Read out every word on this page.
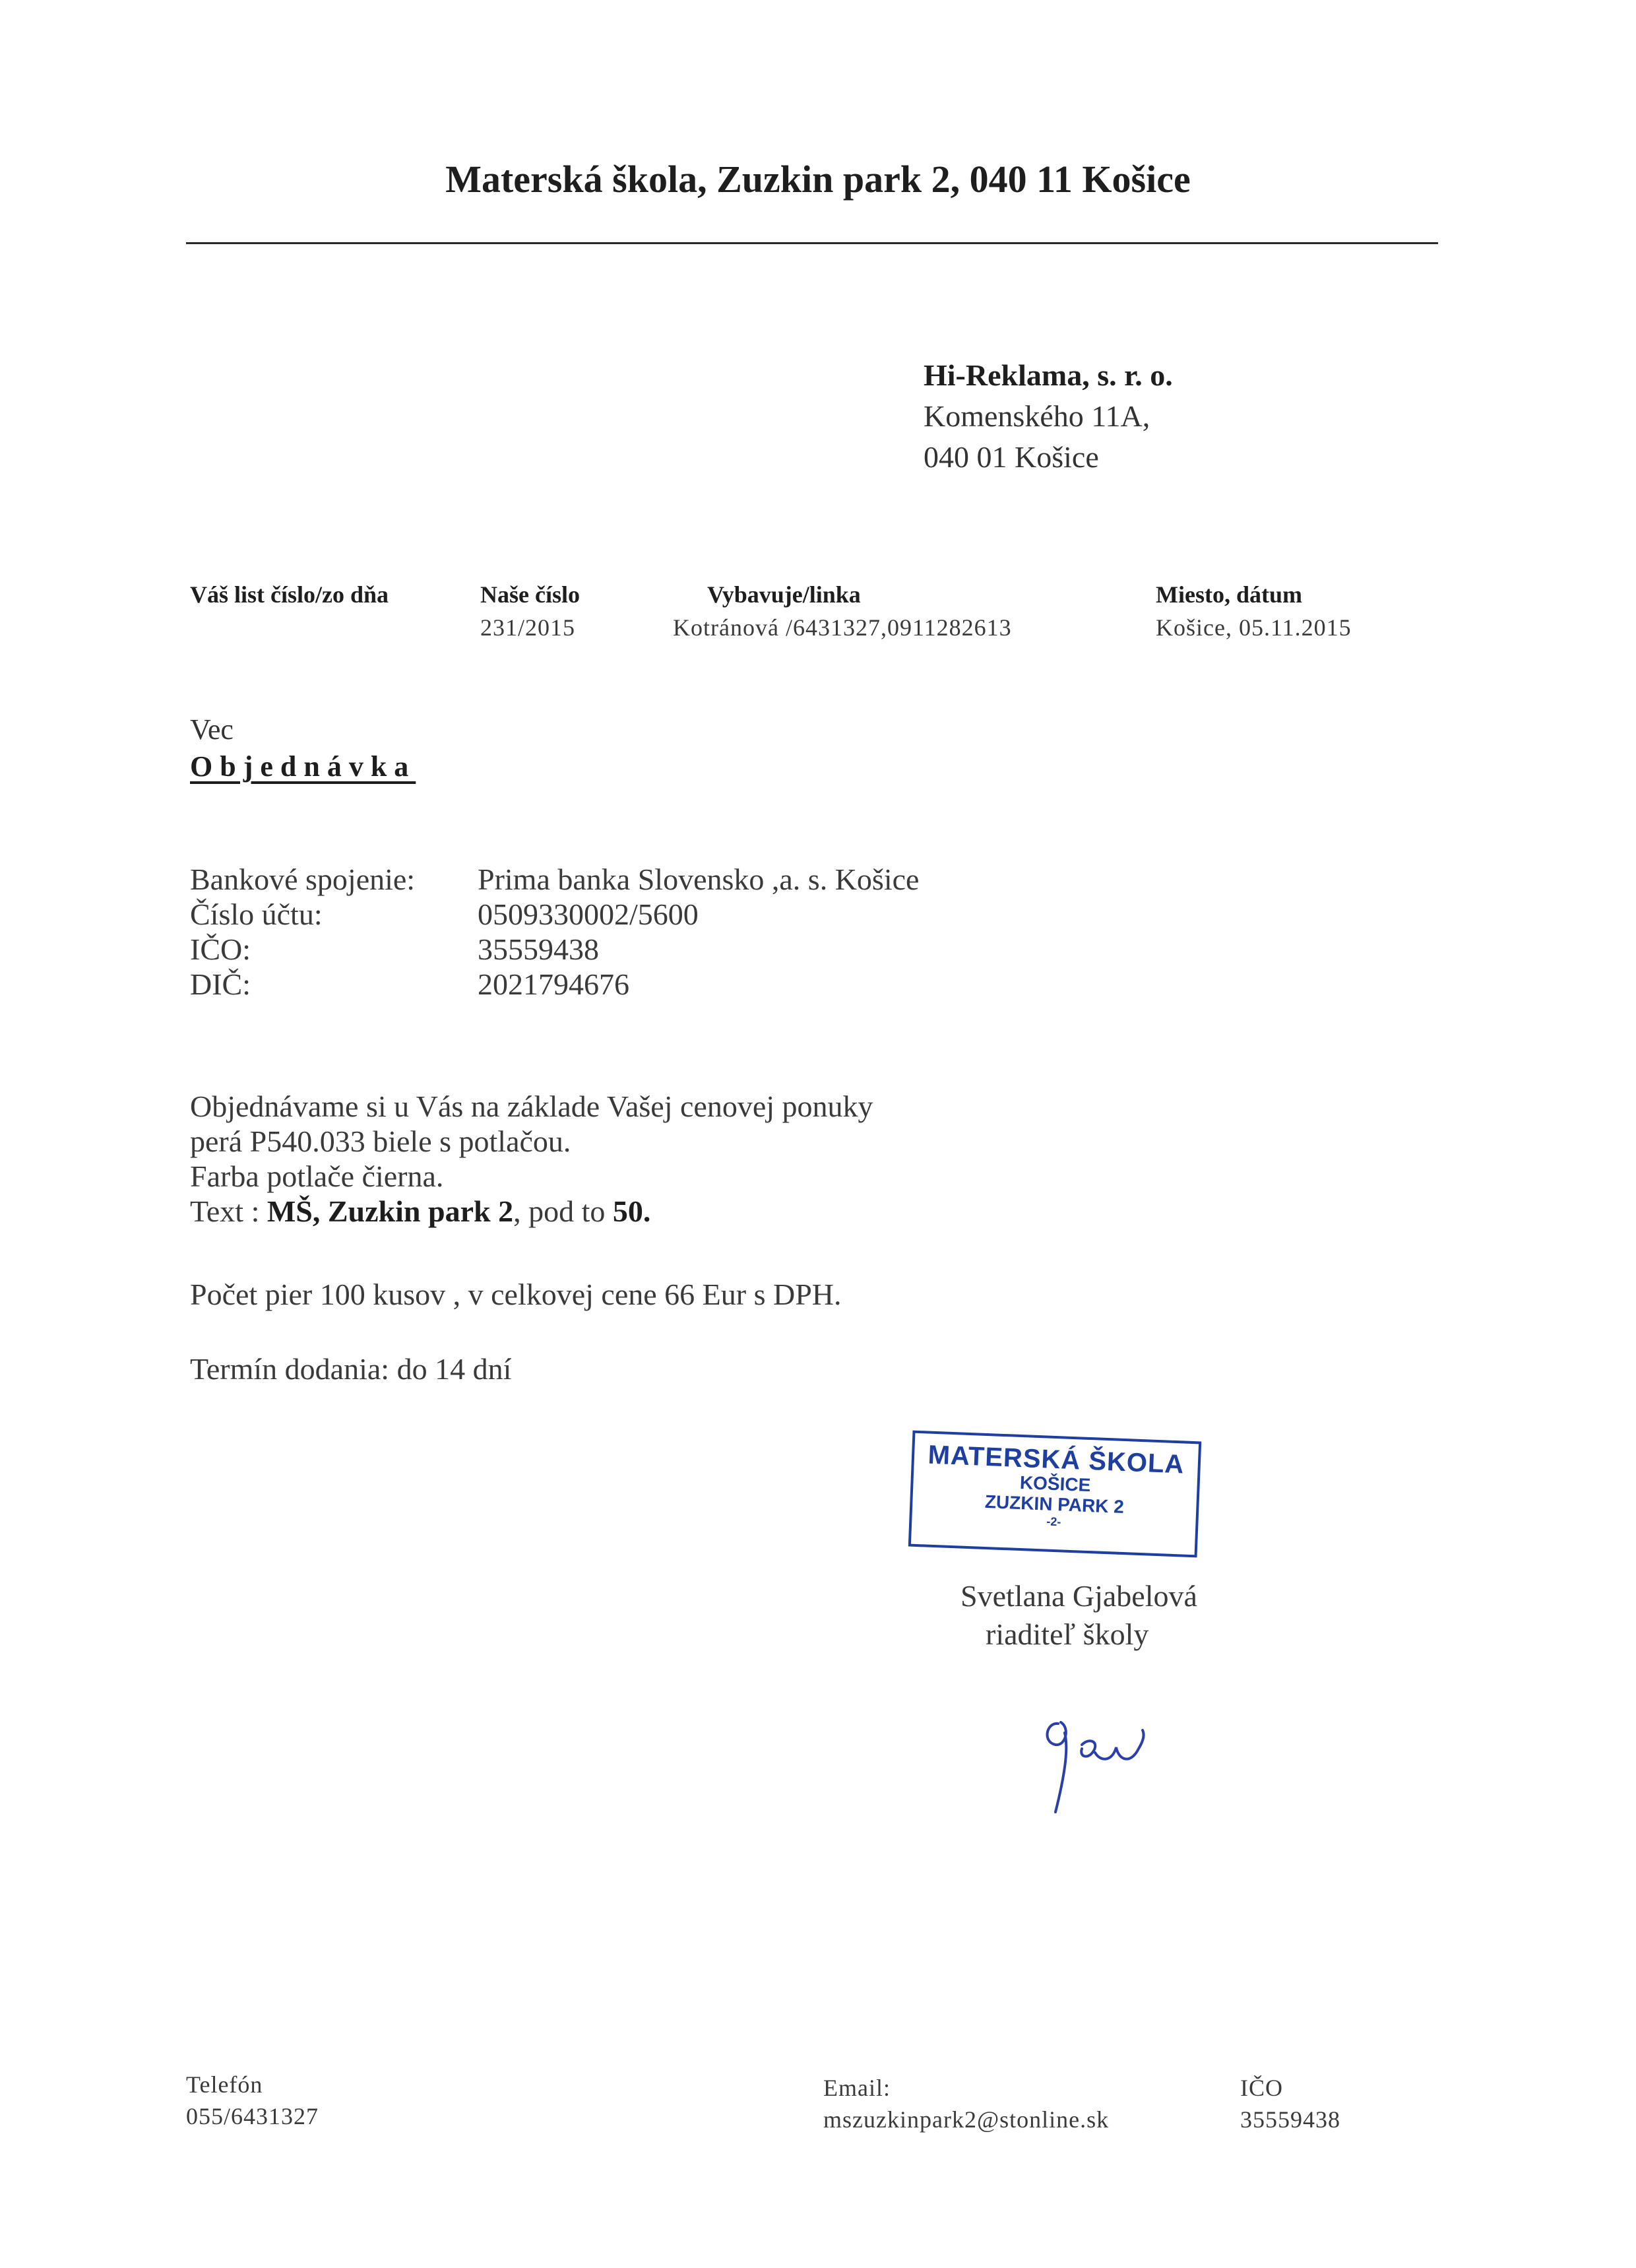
Materská škola, Zuzkin park 2, 040 11 Košice
Hi-Reklama, s. r. o.
Komenského 11A,
040 01 Košice
Váš list číslo/zo dňa	Naše číslo
231/2015
Vybavuje/linka
Kotránová /6431327,0911282613
Miesto, dátum
Košice, 05.11.2015
Vec
Objednávka
Bankové spojenie:
Číslo účtu:
IČO:
DIČ:
Prima banka Slovensko ,a. s. Košice
0509330002/5600
35559438
2021794676
Objednávame si u Vás na základe Vašej cenovej ponuky
perá P540.033 biele s potlačou.
Farba potlače čierna.
Text : MŠ, Zuzkin park 2, pod to 50.
Počet pier 100 kusov , v celkovej cene 66 Eur s DPH.
Termín dodania: do 14 dní
MATERSKÁ ŠKOLA
KOŠICE
ZUZKIN PARK 2
-2-
Svetlana Gjabelová
riaditeľ školy
Telefón
055/6431327
Email:
mszuzkinpark2@stonline.sk
IČO
35559438
